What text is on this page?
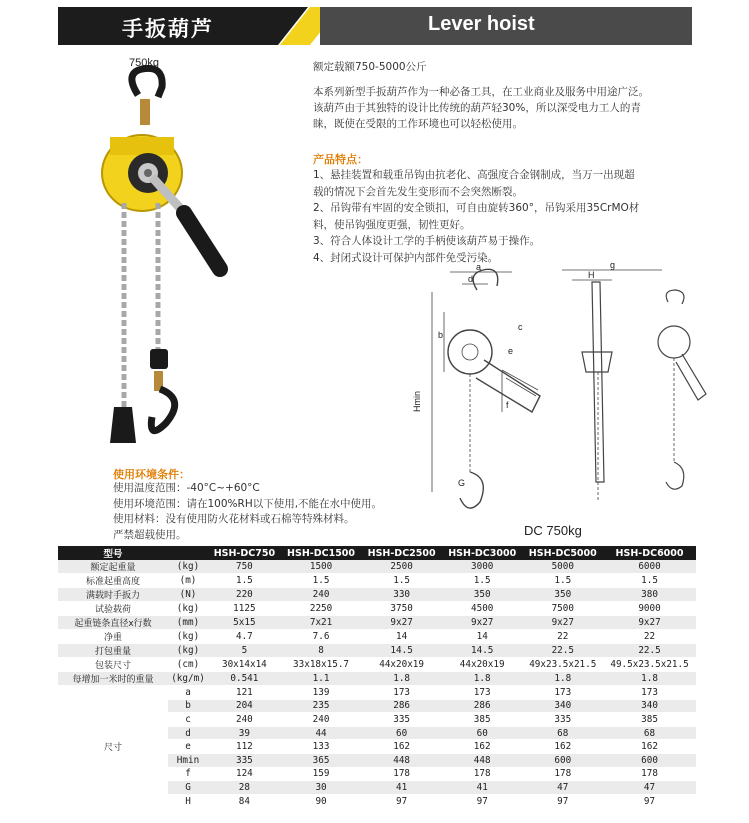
手扳葫芦	Lever hoist
750kg	额定载额750-5000公斤
本系列新型手扳葫芦作为一种必备工具，在工业商业及服务中用途广泛。
该葫芦由于其独特的设计比传统的葫芦轻30%，所以深受电力工人的青
睐，既使在受限的工作环境也可以轻松使用。
产品特点：
1、悬挂装置和载重吊钩由抗老化、高强度合金钢制成，当万一出现超
载的情况下会首先发生变形而不会突然断裂。
2、吊钩带有牢固的安全锁扣，可自由旋转360°，吊钩采用35CrMO材
料，使吊钩强度更强，韧性更好。
3、符合人体设计工学的手柄使该葫芦易于操作。
4、封闭式设计可保护内部件免受污染。
a
d
b
c
e
f
g
H
G
Hmin
使用环境条件：
使用温度范围：-40°C~+60°C
使用环境范围：请在100%RH以下使用,不能在水中使用。
使用材料：没有使用防火花材料或石棉等特殊材料。
严禁超载使用。	DC 750kg
型号		HSH-DC750	HSH-DC1500	HSH-DC2500	HSH-DC3000	HSH-DC5000	HSH-DC6000
额定起重量	(kg)	750	1500	2500	3000	5000	6000
标准起重高度	(m)	1.5	1.5	1.5	1.5	1.5	1.5
满载时手扳力	(N)	220	240	330	350	350	380
试验载荷	(kg)	1125	2250	3750	4500	7500	9000
起重链条直径x行数	(mm)	5x15	7x21	9x27	9x27	9x27	9x27
净重	(kg)	4.7	7.6	14	14	22	22
打包重量	(kg)	5	8	14.5	14.5	22.5	22.5
包装尺寸	(cm)	30x14x14	33x18x15.7	44x20x19	44x20x19	49x23.5x21.5	49.5x23.5x21.5
每增加一米时的重量	(kg/m)	0.541	1.1	1.8	1.8	1.8	1.8
尺寸	a	121	139	173	173	173	173
	b	204	235	286	286	340	340
	c	240	240	335	385	335	385
	d	39	44	60	60	68	68
	e	112	133	162	162	162	162
	Hmin	335	365	448	448	600	600
	f	124	159	178	178	178	178
	G	28	30	41	41	47	47
	H	84	90	97	97	97	97
